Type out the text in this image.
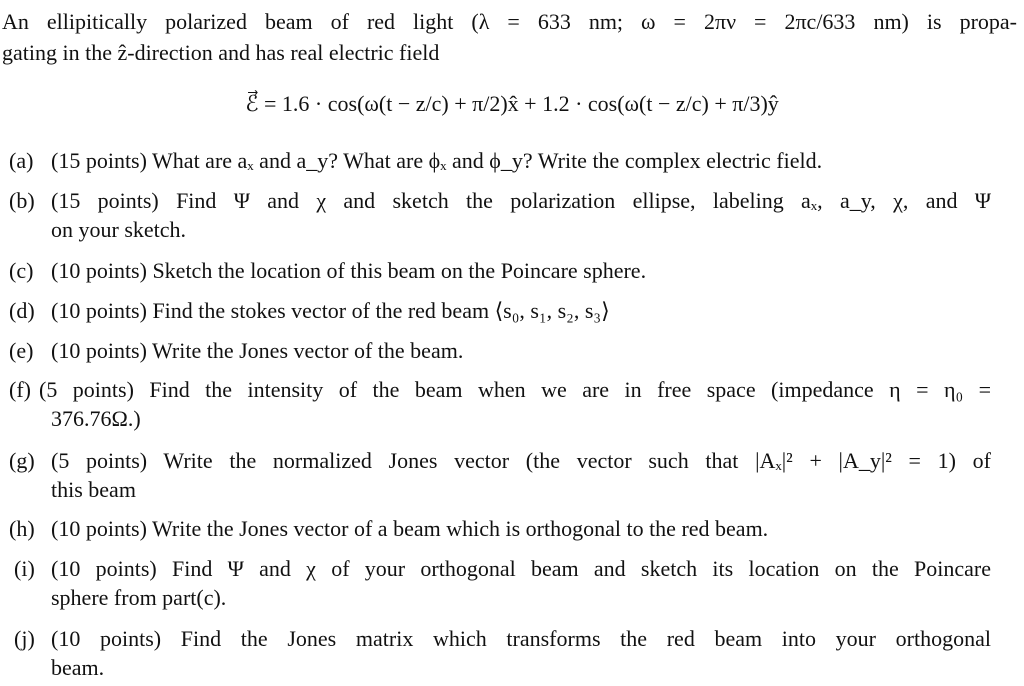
An ellipitically polarized beam of red light (λ = 633 nm; ω = 2πν = 2πc/633 nm) is propa-
gating in the ẑ-direction and has real electric field
ℰ⃗ = 1.6 · cos(ω(t − z/c) + π/2)x̂ + 1.2 · cos(ω(t − z/c) + π/3)ŷ
(a) (15 points) What are aₓ and a_y? What are ϕₓ and ϕ_y? Write the complex electric field.
(b) (15 points) Find Ψ and χ and sketch the polarization ellipse, labeling aₓ, a_y, χ, and Ψ
on your sketch.
(c) (10 points) Sketch the location of this beam on the Poincare sphere.
(d) (10 points) Find the stokes vector of the red beam ⟨s₀, s₁, s₂, s₃⟩
(e) (10 points) Write the Jones vector of the beam.
(f) (5 points) Find the intensity of the beam when we are in free space (impedance η = η₀ =
376.76Ω.)
(g) (5 points) Write the normalized Jones vector (the vector such that |Aₓ|² + |A_y|² = 1) of
this beam
(h) (10 points) Write the Jones vector of a beam which is orthogonal to the red beam.
(i) (10 points) Find Ψ and χ of your orthogonal beam and sketch its location on the Poincare
sphere from part(c).
(j) (10 points) Find the Jones matrix which transforms the red beam into your orthogonal
beam.
